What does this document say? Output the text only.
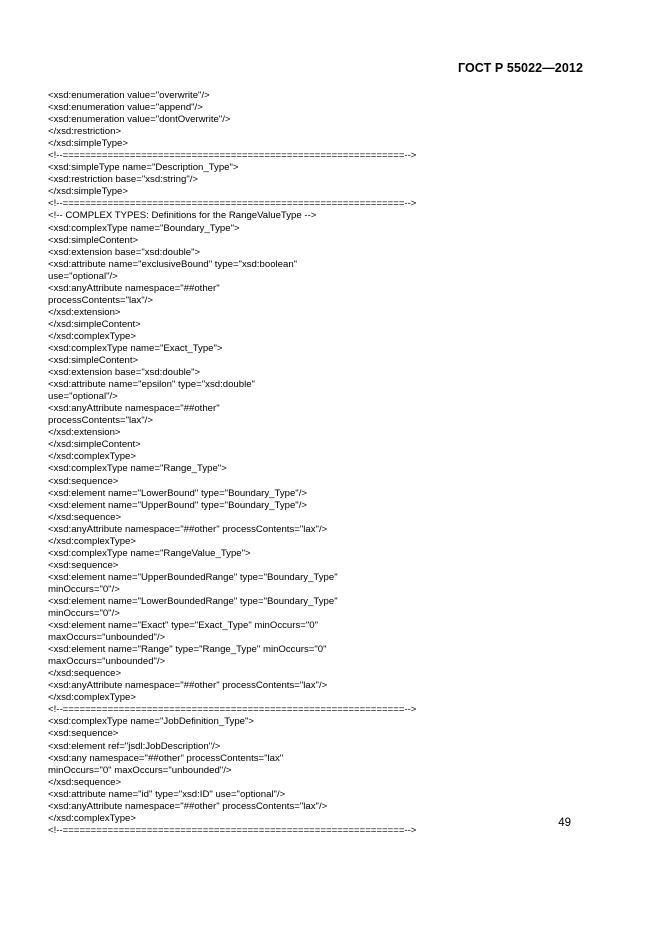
ГОСТ Р 55022—2012
<xsd:enumeration value="overwrite"/>
<xsd:enumeration value="append"/>
<xsd:enumeration value="dontOverwrite"/>
</xsd:restriction>
</xsd:simpleType>
<!--=============================================================-->
<xsd:simpleType name="Description_Type">
<xsd:restriction base="xsd:string"/>
</xsd:simpleType>
<!--=============================================================-->
<!-- COMPLEX TYPES: Definitions for the RangeValueType -->
<xsd:complexType name="Boundary_Type">
<xsd:simpleContent>
<xsd:extension base="xsd:double">
<xsd:attribute name="exclusiveBound" type="xsd:boolean"
use="optional"/>
<xsd:anyAttribute namespace="##other"
processContents="lax"/>
</xsd:extension>
</xsd:simpleContent>
</xsd:complexType>
<xsd:complexType name="Exact_Type">
<xsd:simpleContent>
<xsd:extension base="xsd:double">
<xsd:attribute name="epsilon" type="xsd:double"
use="optional"/>
<xsd:anyAttribute namespace="##other"
processContents="lax"/>
</xsd:extension>
</xsd:simpleContent>
</xsd:complexType>
<xsd:complexType name="Range_Type">
<xsd:sequence>
<xsd:element name="LowerBound" type="Boundary_Type"/>
<xsd:element name="UpperBound" type="Boundary_Type"/>
</xsd:sequence>
<xsd:anyAttribute namespace="##other" processContents="lax"/>
</xsd:complexType>
<xsd:complexType name="RangeValue_Type">
<xsd:sequence>
<xsd:element name="UpperBoundedRange" type="Boundary_Type"
minOccurs="0"/>
<xsd:element name="LowerBoundedRange" type="Boundary_Type"
minOccurs="0"/>
<xsd:element name="Exact" type="Exact_Type" minOccurs="0"
maxOccurs="unbounded"/>
<xsd:element name="Range" type="Range_Type" minOccurs="0"
maxOccurs="unbounded"/>
</xsd:sequence>
<xsd:anyAttribute namespace="##other" processContents="lax"/>
</xsd:complexType>
<!--=============================================================-->
<xsd:complexType name="JobDefinition_Type">
<xsd:sequence>
<xsd:element ref="jsdl:JobDescription"/>
<xsd:any namespace="##other" processContents="lax"
minOccurs="0" maxOccurs="unbounded"/>
</xsd:sequence>
<xsd:attribute name="id" type="xsd:ID" use="optional"/>
<xsd:anyAttribute namespace="##other" processContents="lax"/>
</xsd:complexType>
<!--=============================================================-->
49
